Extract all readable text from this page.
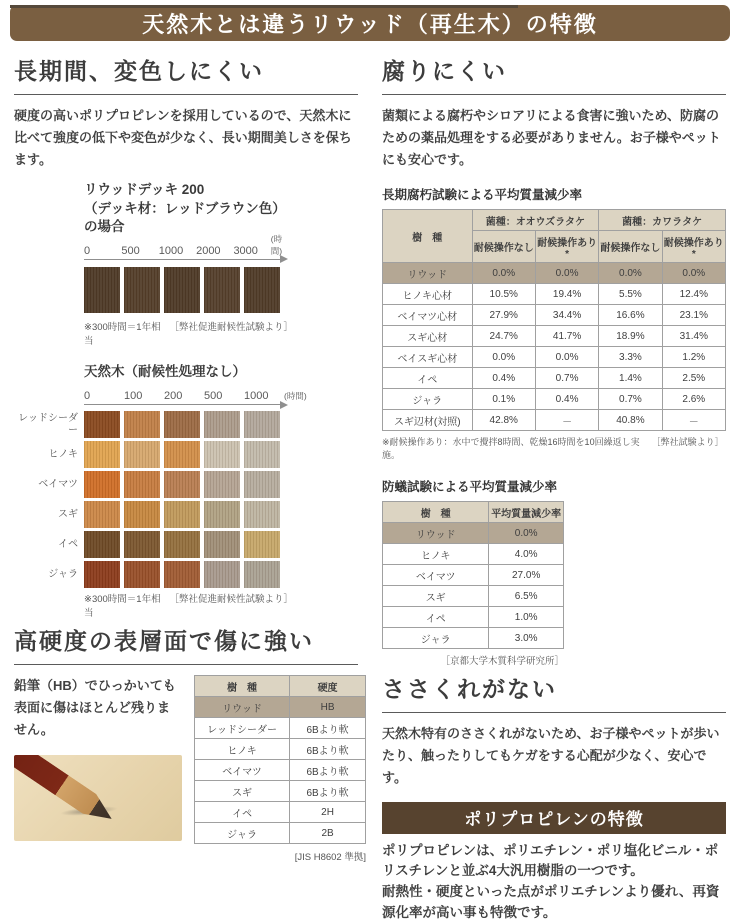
天然木とは違うリウッド（再生木）の特徴
長期間、変色しにくい

硬度の高いポリプロピレンを採用しているので、天然木に比べて強度の低下や変色が少なく、長い期間美しさを保ちます。

リウッドデッキ 200
（デッキ材：レッドブラウン色）の場合
0	500	1000	2000	3000
(時間)
※300時間＝1年相当
［弊社促進耐候性試験より］
天然木（耐候性処理なし）
0	100	200	500	1000	(時間)
レッドシーダー
ヒノキ
ベイマツ
スギ
イペ
ジャラ
※300時間＝1年相当
［弊社促進耐候性試験より］
高硬度の表層面で傷に強い

鉛筆（HB）でひっかいても表面に傷はほとんど残りません。

樹　種	硬度
リウッド	HB
レッドシーダー	6Bより軟
ヒノキ	6Bより軟
ベイマツ	6Bより軟
スギ	6Bより軟
イペ	2H
ジャラ	2B
[JIS H8602 準拠]
腐りにくい

菌類による腐朽やシロアリによる食害に強いため、防腐のための薬品処理をする必要がありません。お子様やペットにも安心です。

長期腐朽試験による平均質量減少率
樹　種	菌種：オオウズラタケ		菌種：カワラタケ	
	耐候操作なし	耐候操作あり*	耐候操作なし	耐候操作あり*
リウッド	0.0%	0.0%	0.0%	0.0%
ヒノキ心材	10.5%	19.4%	5.5%	12.4%
ベイマツ心材	27.9%	34.4%	16.6%	23.1%
スギ心材	24.7%	41.7%	18.9%	31.4%
ベイスギ心材	0.0%	0.0%	3.3%	1.2%
イペ	0.4%	0.7%	1.4%	2.5%
ジャラ	0.1%	0.4%	0.7%	2.6%
スギ辺材(対照)	42.8%	－	40.8%	－
※耐候操作あり：水中で攪拌8時間、乾燥16時間を10回繰返し実施。
［弊社試験より］
防蟻試験による平均質量減少率
樹　種	平均質量減少率
リウッド	0.0%
ヒノキ	4.0%
ベイマツ	27.0%
スギ	6.5%
イペ	1.0%
ジャラ	3.0%
［京都大学木質科学研究所］
ささくれがない

天然木特有のささくれがないため、お子様やペットが歩いたり、触ったりしてもケガをする心配が少なく、安心です。

ポリプロピレンの特徴

ポリプロピレンは、ポリエチレン・ポリ塩化ビニル・ポリスチレンと並ぶ4大汎用樹脂の一つです。

耐熱性・硬度といった点がポリエチレンより優れ、再資源化率が高い事も特徴です。
